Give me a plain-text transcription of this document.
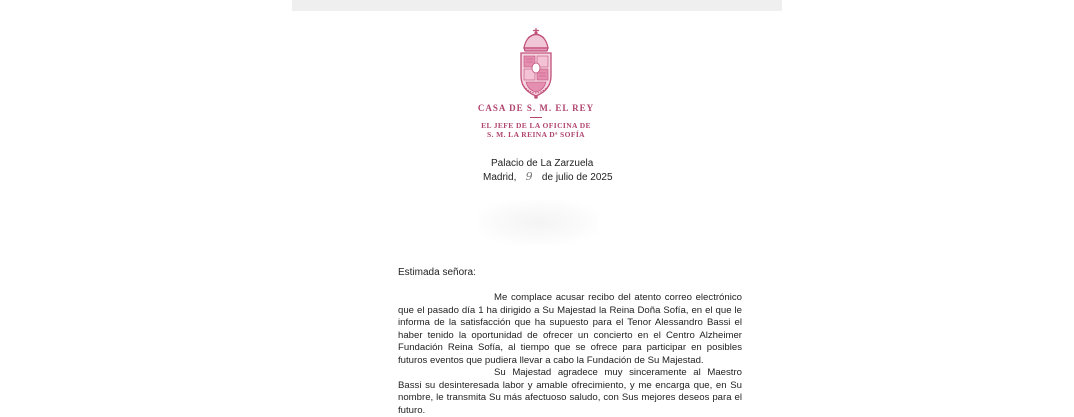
CASA DE S. M. EL REY
EL JEFE DE LA OFICINA DE
S. M. LA REINA Dª SOFÍA
Palacio de La Zarzuela
Madrid, 9 de julio de 2025
Estimada señora:
Me complace acusar recibo del atento correo electrónico que el pasado día 1 ha dirigido a Su Majestad la Reina Doña Sofía, en el que le informa de la satisfacción que ha supuesto para el Tenor Alessandro Bassi el haber tenido la oportunidad de ofrecer un concierto en el Centro Alzheimer Fundación Reina Sofía, al tiempo que se ofrece para participar en posibles futuros eventos que pudiera llevar a cabo la Fundación de Su Majestad.
Su Majestad agradece muy sinceramente al Maestro Bassi su desinteresada labor y amable ofrecimiento, y me encarga que, en Su nombre, le transmita Su más afectuoso saludo, con Sus mejores deseos para el futuro.
